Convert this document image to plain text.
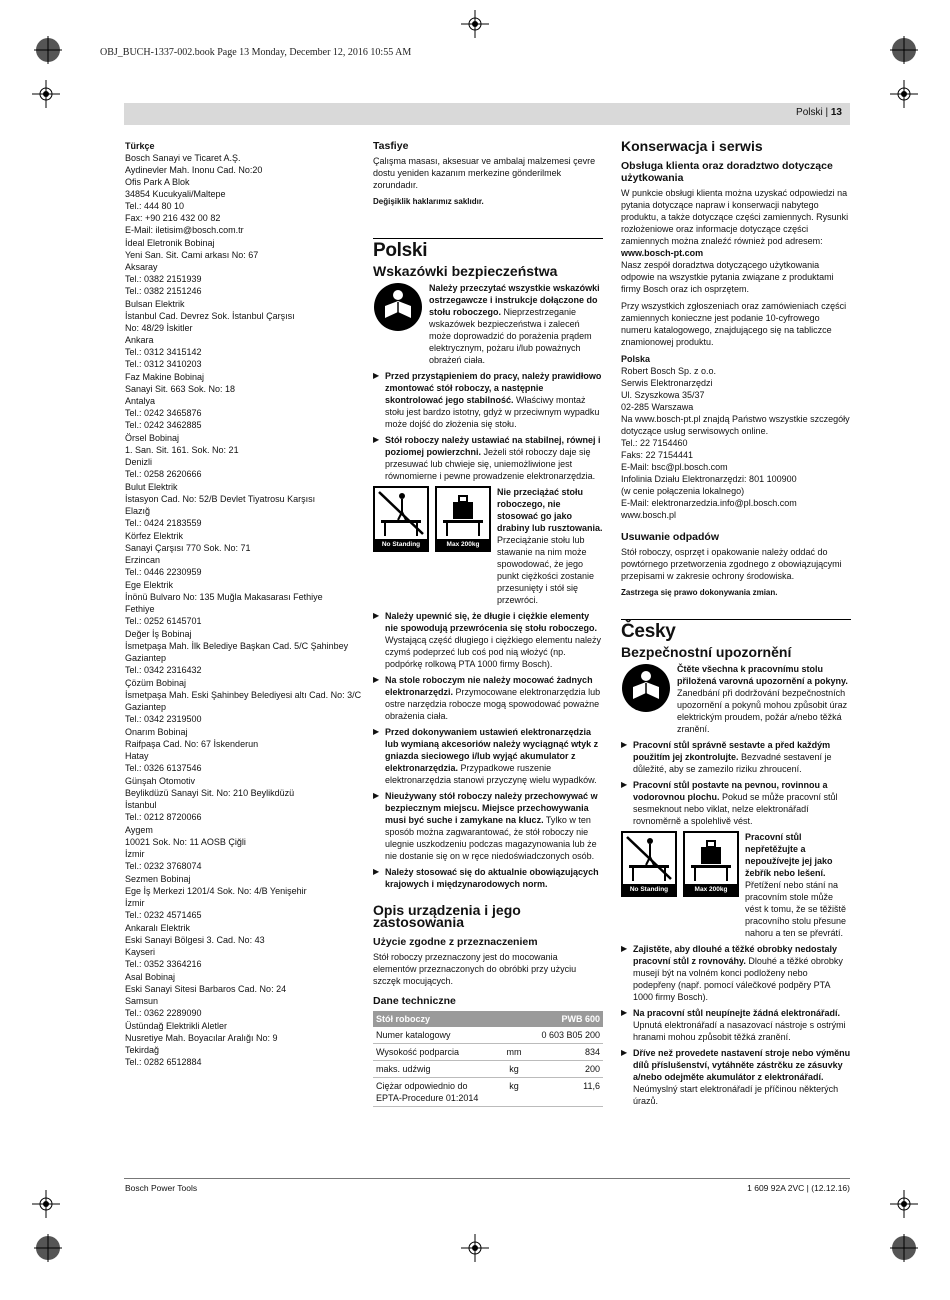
OBJ_BUCH-1337-002.book Page 13 Monday, December 12, 2016 10:55 AM
Polski | 13
Türkçe
Bosch Sanayi ve Ticaret A.Ş.
Aydinevler Mah. Inonu Cad. No:20
Ofis Park A Blok
34854 Kucukyali/Maltepe
Tel.: 444 80 10
Fax: +90 216 432 00 82
E-Mail: iletisim@bosch.com.tr
İdeal Eletronik Bobinaj
Yeni San. Sit. Cami arkası No: 67
Aksaray
Tel.: 0382 2151939
Tel.: 0382 2151246
Bulsan Elektrik
İstanbul Cad. Devrez Sok. İstanbul Çarşısı
No: 48/29 İskitler
Ankara
Tel.: 0312 3415142
Tel.: 0312 3410203
Faz Makine Bobinaj
Sanayi Sit. 663 Sok. No: 18
Antalya
Tel.: 0242 3465876
Tel.: 0242 3462885
Örsel Bobinaj
1. San. Sit. 161. Sok. No: 21
Denizli
Tel.: 0258 2620666
Bulut Elektrik
İstasyon Cad. No: 52/B Devlet Tiyatrosu Karşısı
Elazığ
Tel.: 0424 2183559
Körfez Elektrik
Sanayi Çarşısı 770 Sok. No: 71
Erzincan
Tel.: 0446 2230959
Ege Elektrik
İnönü Bulvaro No: 135 Muğla Makasarası Fethiye
Fethiye
Tel.: 0252 6145701
Değer İş Bobinaj
İsmetpaşa Mah. İlk Belediye Başkan Cad. 5/C Şahinbey
Gaziantep
Tel.: 0342 2316432
Çözüm Bobinaj
İsmetpaşa Mah. Eski Şahinbey Belediyesi altı Cad. No: 3/C
Gaziantep
Tel.: 0342 2319500
Onarım Bobinaj
Raifpaşa Cad. No: 67 İskenderun
Hatay
Tel.: 0326 6137546
Günşah Otomotiv
Beylikdüzü Sanayi Sit. No: 210 Beylikdüzü
İstanbul
Tel.: 0212 8720066
Aygem
10021 Sok. No: 11 AOSB Çiğli
İzmir
Tel.: 0232 3768074
Sezmen Bobinaj
Ege İş Merkezi 1201/4 Sok. No: 4/B Yenişehir
İzmir
Tel.: 0232 4571465
Ankaralı Elektrik
Eski Sanayi Bölgesi 3. Cad. No: 43
Kayseri
Tel.: 0352 3364216
Asal Bobinaj
Eski Sanayi Sitesi Barbaros Cad. No: 24
Samsun
Tel.: 0362 2289090
Üstündağ Elektrikli Aletler
Nusretiye Mah. Boyacılar Aralığı No: 9
Tekirdağ
Tel.: 0282 6512884
Tasfiye

Çalışma masası, aksesuar ve ambalaj malzemesi çevre dostu yeniden kazanım merkezine gönderilmek zorundadır.

Değişiklik haklarımız saklıdır.
Polski
Wskazówki bezpieczeństwa
Należy przeczytać wszystkie wskazówki ostrzegawcze i instrukcje dołączone do stołu roboczego. Nieprzestrzeganie wskazówek bezpieczeństwa i zaleceń może doprowadzić do porażenia prądem elektrycznym, pożaru i/lub poważnych obrażeń ciała.
▶ Przed przystąpieniem do pracy, należy prawidłowo zmontować stół roboczy, a następnie skontrolować jego stabilność. Właściwy montaż stołu jest bardzo istotny, gdyż w przeciwnym wypadku może dojść do złożenia się stołu.
▶ Stół roboczy należy ustawiać na stabilnej, równej i poziomej powierzchni. Jeżeli stół roboczy daje się przesuwać lub chwieje się, uniemożliwione jest równomierne i pewne prowadzenie elektronarzędzia.
No Standing	Max 200kg
Nie przeciążać stołu roboczego, nie stosować go jako drabiny lub rusztowania. Przeciążanie stołu lub stawanie na nim może spowodować, że jego punkt ciężkości zostanie przesunięty i stół się przewróci.
▶ Należy upewnić się, że długie i ciężkie elementy nie spowodują przewrócenia się stołu roboczego. Wystającą część długiego i ciężkiego elementu należy czymś podeprzeć lub coś pod nią włożyć (np. podpórkę rolkową PTA 1000 firmy Bosch).
▶ Na stole roboczym nie należy mocować żadnych elektronarzędzi. Przymocowane elektronarzędzia lub ostre narzędzia robocze mogą spowodować poważne obrażenia ciała.
▶ Przed dokonywaniem ustawień elektronarzędzia lub wymianą akcesoriów należy wyciągnąć wtyk z gniazda sieciowego i/lub wyjąć akumulator z elektronarzędzia. Przypadkowe ruszenie elektronarzędzia stanowi przyczynę wielu wypadków.
▶ Nieużywany stół roboczy należy przechowywać w bezpiecznym miejscu. Miejsce przechowywania musi być suche i zamykane na klucz. Tylko w ten sposób można zagwarantować, że stół roboczy nie ulegnie uszkodzeniu podczas magazynowania lub że nie dostanie się on w ręce niedoświadczonych osób.
▶ Należy stosować się do aktualnie obowiązujących krajowych i międzynarodowych norm.
Opis urządzenia i jego zastosowania
Użycie zgodne z przeznaczeniem

Stół roboczy przeznaczony jest do mocowania elementów przeznaczonych do obróbki przy użyciu szczęk mocujących.

Dane techniczne
Stół roboczy		PWB 600
Numer katalogowy		0 603 B05 200
Wysokość podparcia	mm	834
maks. udźwig	kg	200
Ciężar odpowiednio do EPTA-Procedure 01:2014	kg	11,6
Konserwacja i serwis
Obsługa klienta oraz doradztwo dotyczące użytkowania

W punkcie obsługi klienta można uzyskać odpowiedzi na pytania dotyczące napraw i konserwacji nabytego produktu, a także dotyczące części zamiennych. Rysunki rozłożeniowe oraz informacje dotyczące części zamiennych można znaleźć również pod adresem:

www.bosch-pt.com

Nasz zespół doradztwa dotyczącego użytkowania odpowie na wszystkie pytania związane z produktami firmy Bosch oraz ich osprzętem.

Przy wszystkich zgłoszeniach oraz zamówieniach części zamiennych konieczne jest podanie 10-cyfrowego numeru katalogowego, znajdującego się na tabliczce znamionowej produktu.

Polska
Robert Bosch Sp. z o.o.
Serwis Elektronarzędzi
Ul. Szyszkowa 35/37
02-285 Warszawa
Na www.bosch-pt.pl znajdą Państwo wszystkie szczegóły dotyczące usług serwisowych online.
Tel.: 22 7154460
Faks: 22 7154441
E-Mail: bsc@pl.bosch.com
Infolinia Działu Elektronarzędzi: 801 100900
(w cenie połączenia lokalnego)
E-Mail: elektronarzedzia.info@pl.bosch.com
www.bosch.pl
Usuwanie odpadów

Stół roboczy, osprzęt i opakowanie należy oddać do powtórnego przetworzenia zgodnego z obowiązującymi przepisami w zakresie ochrony środowiska.

Zastrzega się prawo dokonywania zmian.
Česky
Bezpečnostní upozornění
Čtěte všechna k pracovnímu stolu přiložená varovná upozornění a pokyny. Zanedbání při dodržování bezpečnostních upozornění a pokynů mohou způsobit úraz elektrickým proudem, požár a/nebo těžká zranění.
▶ Pracovní stůl správně sestavte a před každým použitím jej zkontrolujte. Bezvadné sestavení je důležité, aby se zamezilo riziku zhroucení.
▶ Pracovní stůl postavte na pevnou, rovinnou a vodorovnou plochu. Pokud se může pracovní stůl sesmeknout nebo viklat, nelze elektronářadí rovnoměrně a spolehlivě vést.
No Standing	Max 200kg
Pracovní stůl nepřetěžujte a nepoužívejte jej jako žebřík nebo lešení. Přetížení nebo stání na pracovním stole může vést k tomu, že se těžiště pracovního stolu přesune nahoru a ten se převrátí.
▶ Zajistěte, aby dlouhé a těžké obrobky nedostaly pracovní stůl z rovnováhy. Dlouhé a těžké obrobky musejí být na volném konci podloženy nebo podepřeny (např. pomocí válečkové podpěry PTA 1000 firmy Bosch).
▶ Na pracovní stůl neupínejte žádná elektronářadí. Upnutá elektronářadí a nasazovací nástroje s ostrými hranami mohou způsobit těžká zranění.
▶ Dříve než provedete nastavení stroje nebo výměnu dílů příslušenství, vytáhněte zástrčku ze zásuvky a/nebo odejměte akumulátor z elektronářadí. Neúmyslný start elektronářadí je příčinou některých úrazů.
Bosch Power Tools	1 609 92A 2VC | (12.12.16)
